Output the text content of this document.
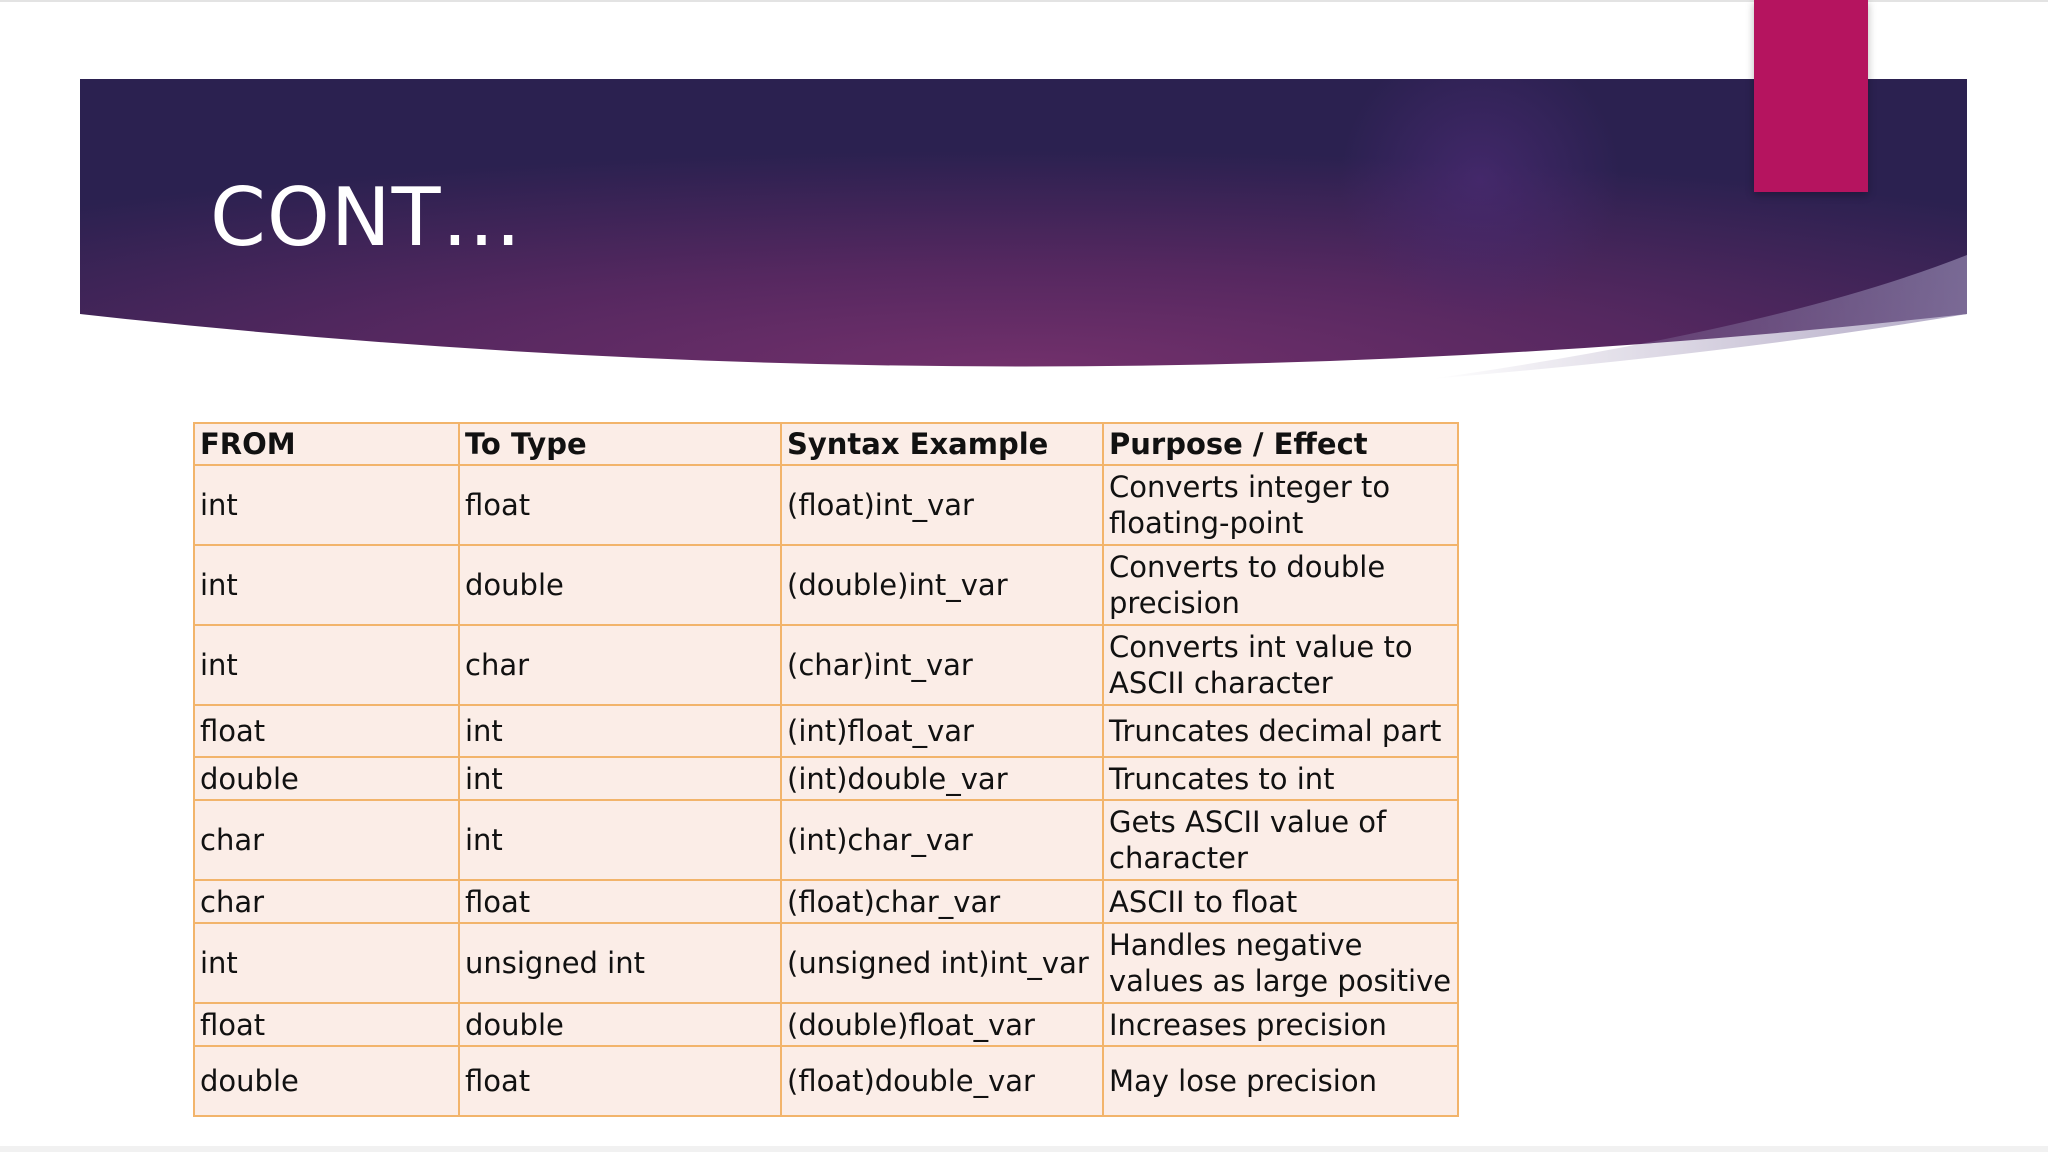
CONT…
FROM	To Type	Syntax Example	Purpose / Effect
int	float	(float)int_var	Converts integer to floating-point
int	double	(double)int_var	Converts to double precision
int	char	(char)int_var	Converts int value to ASCII character
float	int	(int)float_var	Truncates decimal part
double	int	(int)double_var	Truncates to int
char	int	(int)char_var	Gets ASCII value of character
char	float	(float)char_var	ASCII to float
int	unsigned int	(unsigned int)int_var	Handles negative values as large positive
float	double	(double)float_var	Increases precision
double	float	(float)double_var	May lose precision
